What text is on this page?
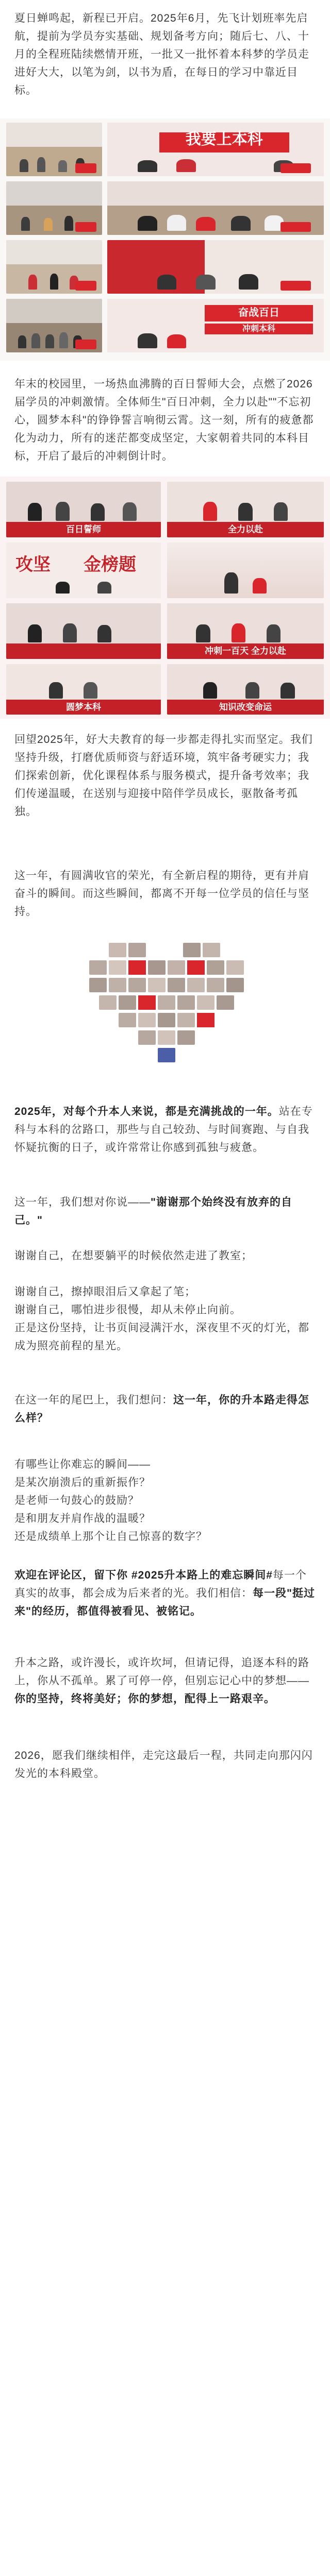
夏日蝉鸣起，新程已开启。2025年6月，先飞计划班率先启航，提前为学员夯实基础、规划备考方向；随后七、八、十月的全程班陆续燃情开班，一批又一批怀着本科梦的学员走进好大大，以笔为剑，以书为盾，在每日的学习中靠近目标。
我要上本科
奋战百日
冲刺本科
年末的校园里，一场热血沸腾的百日誓师大会，点燃了2026届学员的冲刺激情。全体师生"百日冲刺，全力以赴""不忘初心，圆梦本科"的铮铮誓言响彻云霄。这一刻，所有的疲惫都化为动力，所有的迷茫都变成坚定，大家朝着共同的本科目标，开启了最后的冲刺倒计时。
百日誓师	全力以赴
攻坚 金榜题
冲刺一百天 全力以赴
圆梦本科	知识改变命运
回望2025年，好大夫教育的每一步都走得扎实而坚定。我们坚持升级，打磨优质师资与舒适环境，筑牢备考硬实力；我们探索创新，优化课程体系与服务模式，提升备考效率；我们传递温暖，在送别与迎接中陪伴学员成长，驱散备考孤独。
这一年，有圆满收官的荣光，有全新启程的期待，更有并肩奋斗的瞬间。而这些瞬间，都离不开每一位学员的信任与坚持。
2025年，对每个升本人来说，都是充满挑战的一年。站在专科与本科的岔路口，那些与自己较劲、与时间赛跑、与自我怀疑抗衡的日子，或许常常让你感到孤独与疲惫。
这一年，我们想对你说——"谢谢那个始终没有放弃的自己。"
谢谢自己，在想要躺平的时候依然走进了教室；
谢谢自己，擦掉眼泪后又拿起了笔；
谢谢自己，哪怕进步很慢，却从未停止向前。
正是这份坚持，让书页间浸满汗水，深夜里不灭的灯光，都成为照亮前程的星光。
在这一年的尾巴上，我们想问：这一年，你的升本路走得怎么样？
有哪些让你难忘的瞬间——
是某次崩溃后的重新振作？
是老师一句鼓心的鼓励？
是和朋友并肩作战的温暖？
还是成绩单上那个让自己惊喜的数字？
欢迎在评论区，留下你 #2025升本路上的难忘瞬间#每一个真实的故事，都会成为后来者的光。我们相信：每一段"挺过来"的经历，都值得被看见、被铭记。
升本之路，或许漫长，或许坎坷，但请记得，追逐本科的路上，你从不孤单。累了可停一停，但别忘记心中的梦想——你的坚持，终将美好；你的梦想，配得上一路艰辛。
2026，愿我们继续相伴，走完这最后一程，共同走向那闪闪发光的本科殿堂。
